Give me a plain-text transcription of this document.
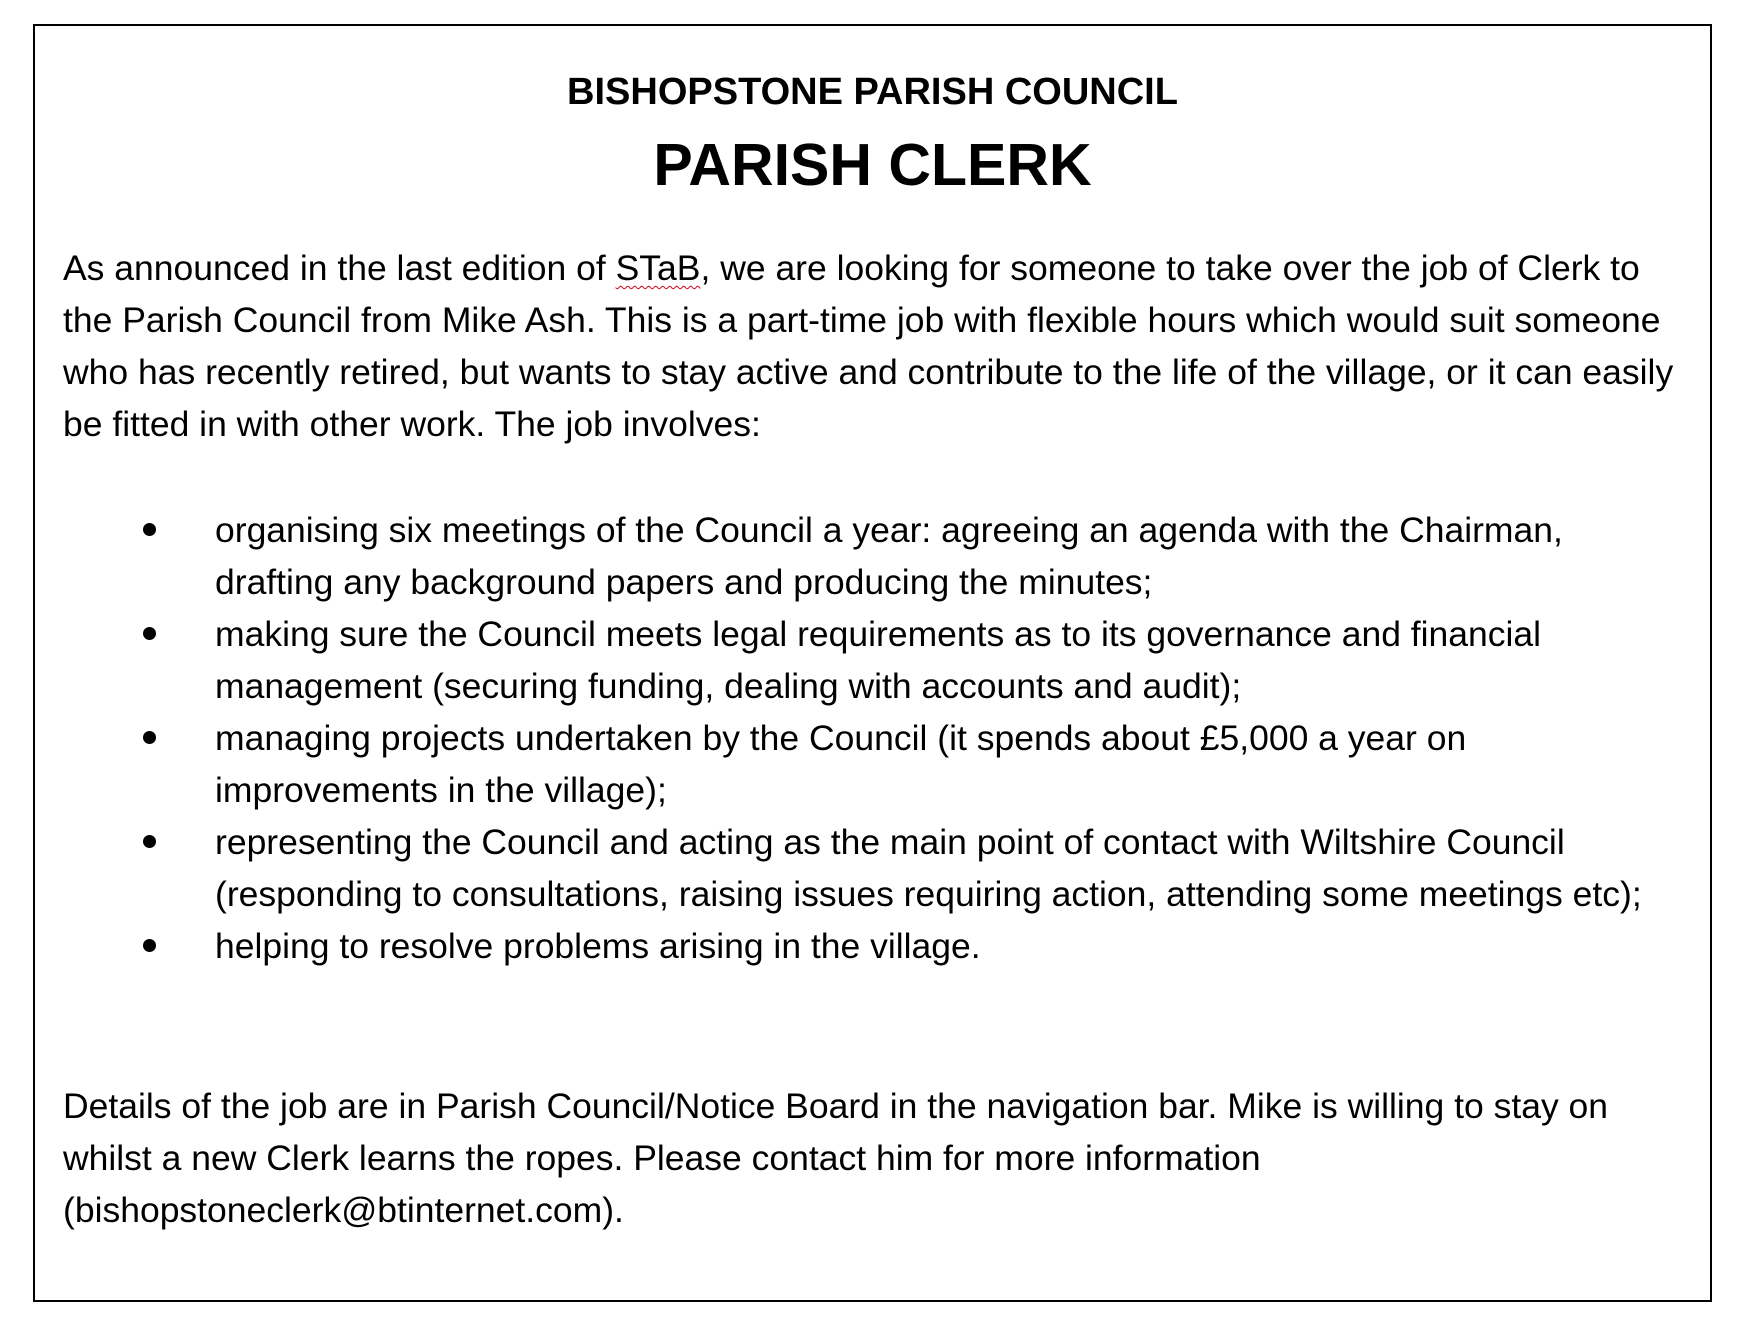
BISHOPSTONE PARISH COUNCIL
PARISH CLERK

As announced in the last edition of STaB, we are looking for someone to take over the job of Clerk to the Parish Council from Mike Ash. This is a part-time job with flexible hours which would suit someone who has recently retired, but wants to stay active and contribute to the life of the village, or it can easily be fitted in with other work. The job involves:

organising six meetings of the Council a year: agreeing an agenda with the Chairman, drafting any background papers and producing the minutes;
making sure the Council meets legal requirements as to its governance and financial management (securing funding, dealing with accounts and audit);
managing projects undertaken by the Council (it spends about £5,000 a year on improvements in the village);
representing the Council and acting as the main point of contact with Wiltshire Council (responding to consultations, raising issues requiring action, attending some meetings etc);
helping to resolve problems arising in the village.

Details of the job are in Parish Council/Notice Board in the navigation bar. Mike is willing to stay on whilst a new Clerk learns the ropes. Please contact him for more information (bishopstoneclerk@btinternet.com).
